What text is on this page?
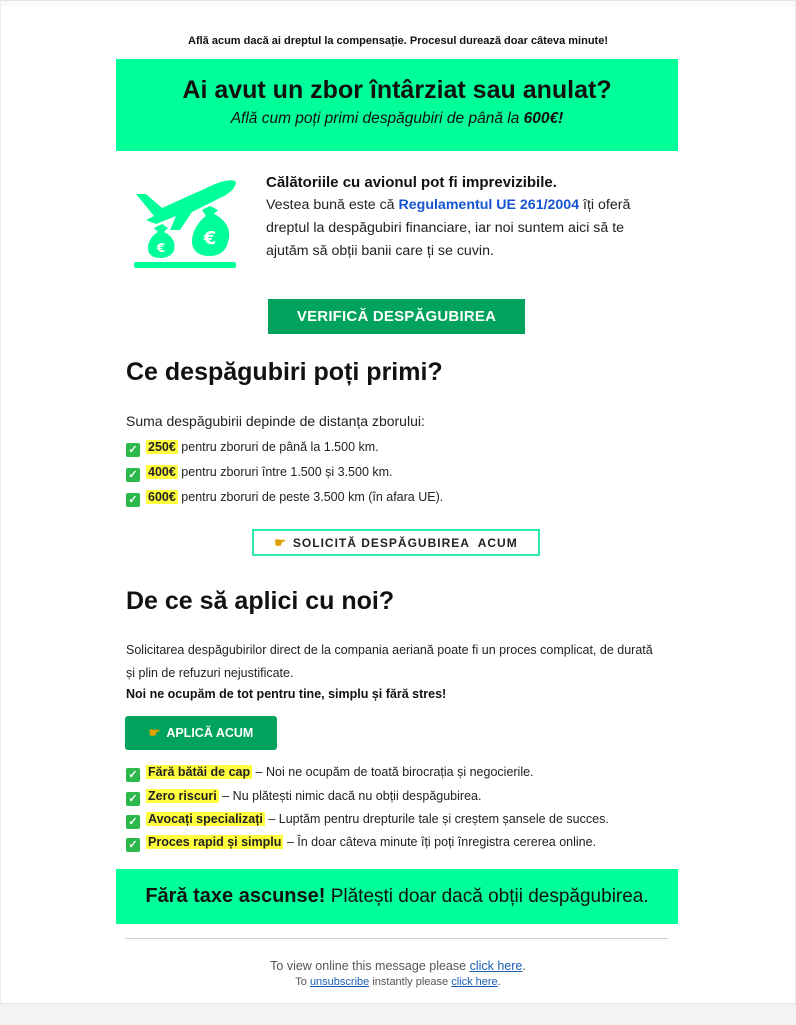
Află acum dacă ai dreptul la compensație. Procesul durează doar câteva minute!
Ai avut un zbor întârziat sau anulat?
Află cum poți primi despăgubiri de până la 600€!
€ €
Călătoriile cu avionul pot fi imprevizibile.
Vestea bună este că Regulamentul UE 261/2004 îți oferă dreptul la despăgubiri financiare, iar noi suntem aici să te ajutăm să obții banii care ți se cuvin.
VERIFICĂ DESPĂGUBIREA
Ce despăgubiri poți primi?
Suma despăgubirii depinde de distanța zborului:
✓ 250€ pentru zboruri de până la 1.500 km.
✓ 400€ pentru zboruri între 1.500 și 3.500 km.
✓ 600€ pentru zboruri de peste 3.500 km (în afara UE).
☛ SOLICITĂ DESPĂGUBIREA  ACUM
De ce să aplici cu noi?
Solicitarea despăgubirilor direct de la compania aeriană poate fi un proces complicat, de durată și plin de refuzuri nejustificate.
Noi ne ocupăm de tot pentru tine, simplu și fără stres!
☛ APLICĂ ACUM
✓ Fără bătăi de cap – Noi ne ocupăm de toată birocrația și negocierile.
✓ Zero riscuri – Nu plătești nimic dacă nu obții despăgubirea.
✓ Avocați specializați – Luptăm pentru drepturile tale și creștem șansele de succes.
✓ Proces rapid și simplu – În doar câteva minute îți poți înregistra cererea online.
Fără taxe ascunse! Plătești doar dacă obții despăgubirea.
To view online this message please click here.
To unsubscribe instantly please click here.
